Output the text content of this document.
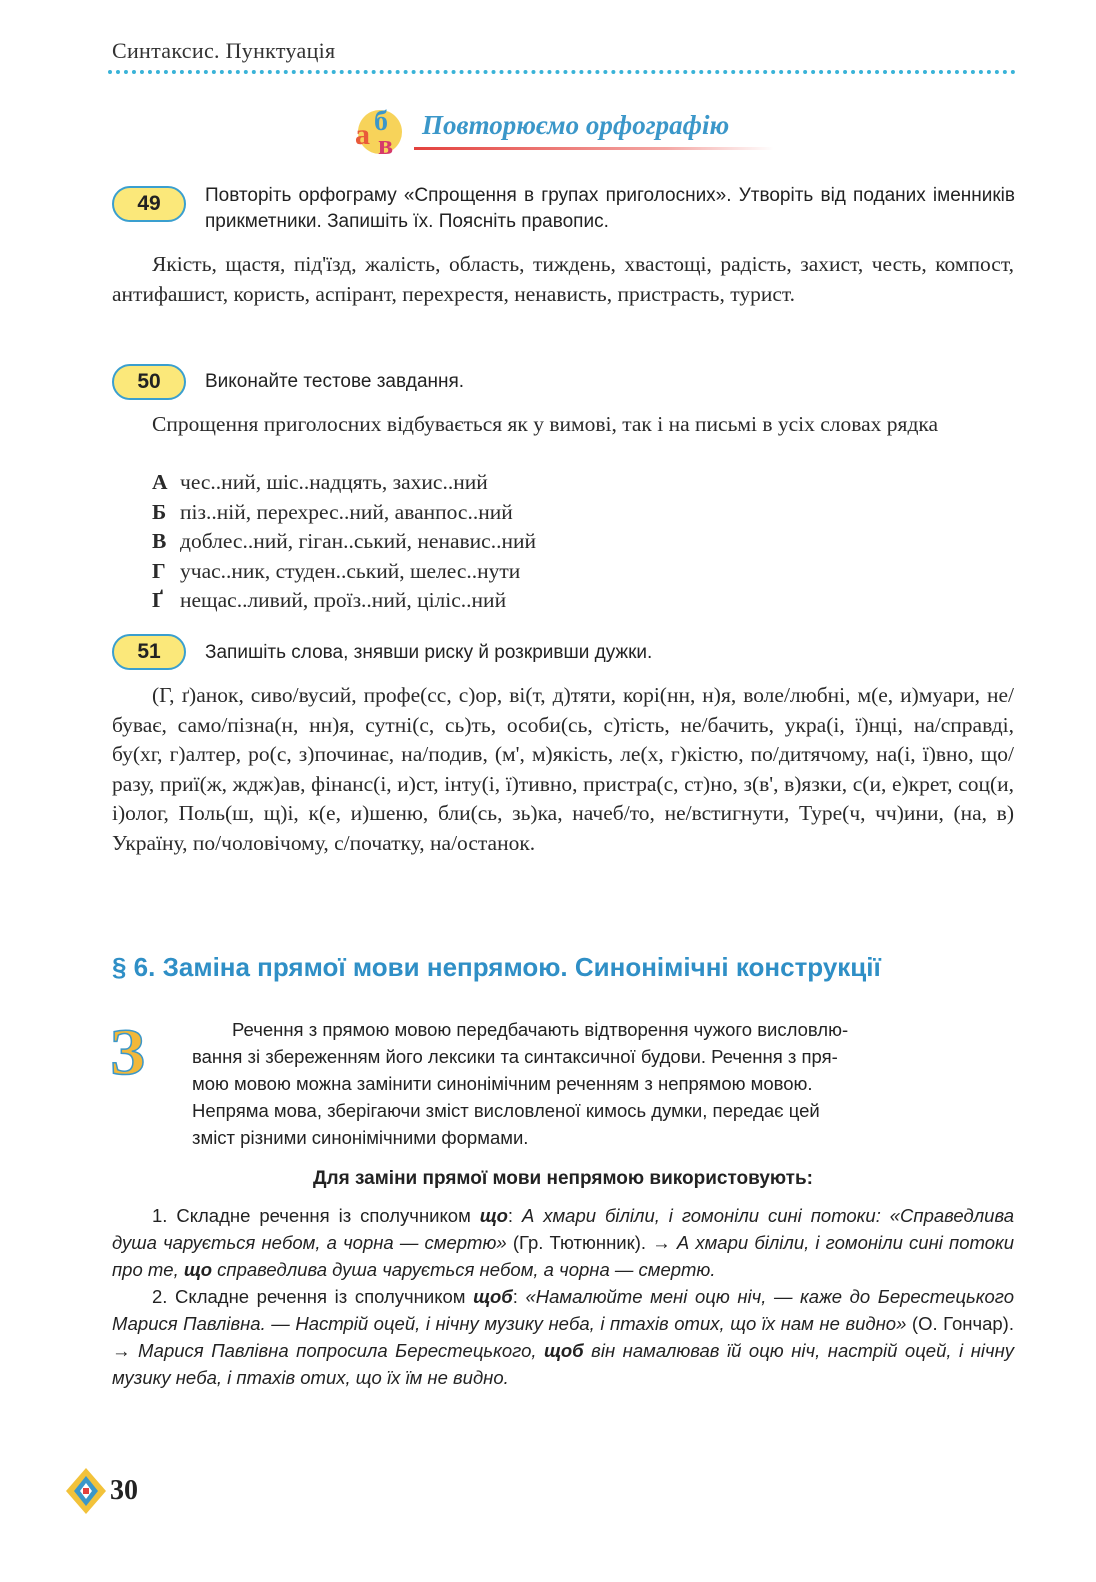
Синтаксис. Пунктуація
а б
в
Повторюємо орфографію
49	Повторіть орфограму «Спрощення в групах приголосних». Утворіть від поданих іменників прикметники. Запишіть їх. Поясніть правопис.
Якість, щастя, під'їзд, жалість, область, тиждень, хвастощі, радість, захист, честь, компост, антифашист, користь, аспірант, перехрестя, ненависть, пристрасть, турист.
50	Виконайте тестове завдання.
Спрощення приголосних відбувається як у вимові, так і на письмі в усіх словах рядка
А чес..ний, шіс..надцять, захис..ний
Б пiз..нiй, перехрес..ний, аванпос..ний
В доблес..ний, гіган..ський, ненавис..ний
Г учас..ник, студен..ський, шелес..нути
Ґ нещас..ливий, проїз..ний, цiлiс..ний
51	Запишіть слова, знявши риску й розкривши дужки.
(Г, ґ)анок, сиво/вусий, профе(сс, с)ор, ві(т, д)тяти, корі(нн, н)я, воле/любні, м(е, и)муари, не/буває, само/пізна(н, нн)я, сутні(с, сь)ть, особи(сь, с)тість, не/бачить, укра(і, ї)нці, на/справді, бу(хг, г)алтер, ро(с, з)починає, на/подив, (м', м)якість, ле(х, г)кістю, по/дитячому, на(і, ї)вно, що/разу, приї(ж, ждж)ав, фінанс(і, и)ст, інту(і, ї)тивно, пристра(с, ст)но, з(в', в)язки, с(и, е)крет, соц(и, і)олог, Поль(ш, щ)і, к(е, и)шеню, бли(сь, зь)ка, начеб/то, не/встигнути, Туре(ч, чч)ини, (на, в) Україну, по/чоловічому, с/початку, на/останок.
§ 6. Заміна прямої мови непрямою. Синонімічні конструкції
З	Речення з прямою мовою передбачають відтворення чужого висловлю-

вання зі збереженням його лексики та синтаксичної будови. Речення з пря-

мою мовою можна замінити синонімічним реченням з непрямою мовою.

Непряма мова, зберігаючи зміст висловленої кимось думки, передає цей

зміст різними синонімічними формами.

Для заміни прямої мови непрямою використовують:

1. Складне речення із сполучником що: А хмари біліли, і гомоніли сині потоки: «Справедлива душа чарується небом, а чорна — смертю» (Гр. Тютюнник). → А хмари біліли, і гомоніли сині потоки про те, що справедлива душа чарується небом, а чорна — смертю.

2. Складне речення із сполучником щоб: «Намалюйте мені оцю ніч, — каже до Берестецького Марися Павлівна. — Настрій оцей, і нічну музику неба, і птахів отих, що їх нам не видно» (О. Гончар). → Марися Павлівна попросила Берестецького, щоб він намалював їй оцю ніч, настрій оцей, і нічну музику неба, і птахів отих, що їх їм не видно.

30
